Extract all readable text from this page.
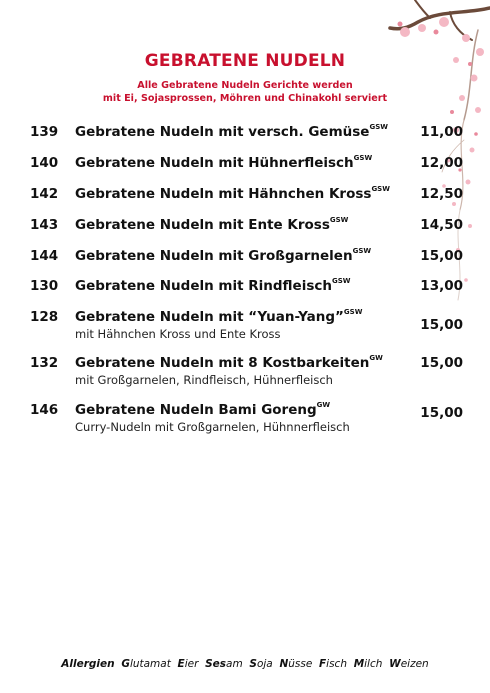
GEBRATENE NUDELN
Alle Gebratene Nudeln Gerichte werden
mit Ei, Sojasprossen, Möhren und Chinakohl serviert
139	Gebratene Nudeln mit versch. Gemüse$^{GSW}$ 11,00
140	Gebratene Nudeln mit Hühnerfleisch$^{GSW}$	12,00
142	Gebratene Nudeln mit Hähnchen Kross$^{GSW}$ 12,50
143	Gebratene Nudeln mit Ente Kross$^{GSW}$	14,50
144	Gebratene Nudeln mit Großgarnelen$^{GSW}$	15,00
130	Gebratene Nudeln mit Rindfleisch$^{GSW}$	13,00
128	Gebratene Nudeln mit “Yuan-Yang”$^{GSW}$
mit Hähnchen Kross und Ente Kross
15,00
132	Gebratene Nudeln mit 8 Kostbarkeiten$^{GW}$
mit Großgarnelen, Rindfleisch, Hühnerfleisch
15,00
146	Gebratene Nudeln Bami Goreng$^{GW}$
Curry-Nudeln mit Großgarnelen, Hühnnerfleisch
15,00
Allergien Glutamat Eier Sesam Soja Nüsse Fisch Milch Weizen
